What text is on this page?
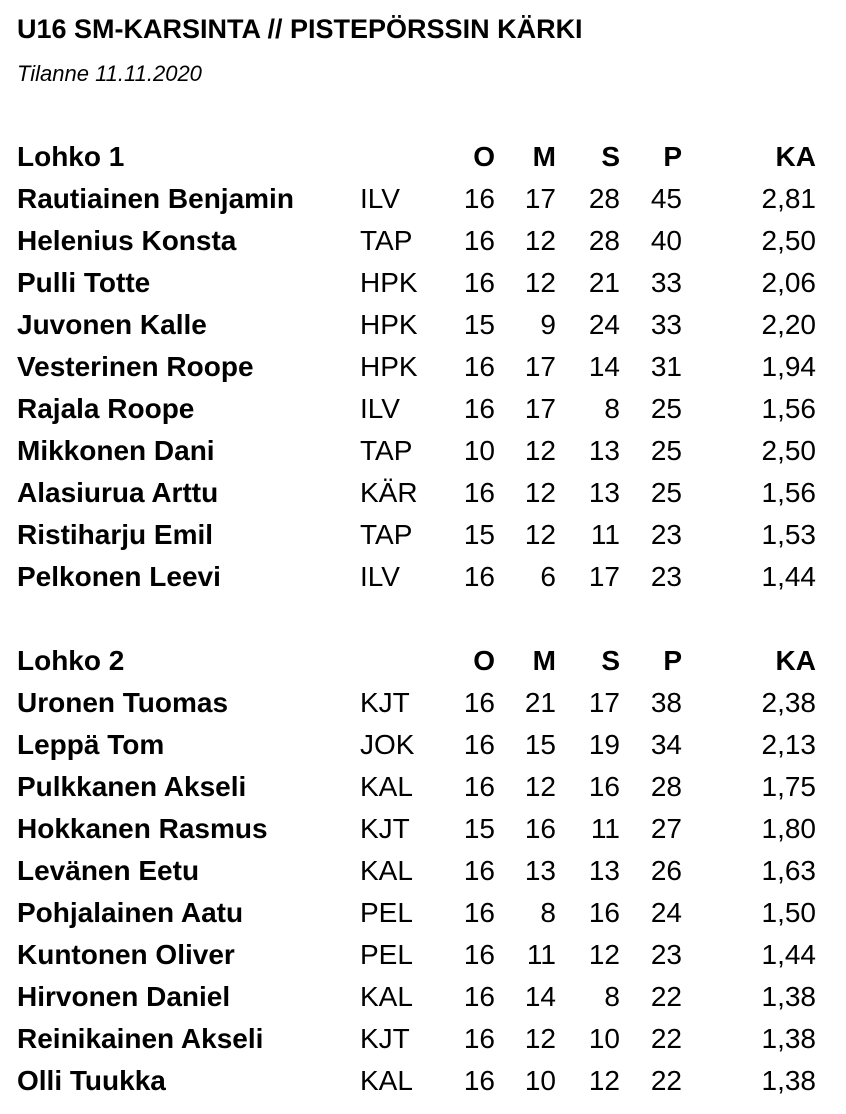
U16 SM-KARSINTA // PISTEPÖRSSIN KÄRKI
Tilanne 11.11.2020
Lohko 1	O M S P	KA
Rautiainen Benjamin ILV 16 17 28 45	2,81
Helenius Konsta	TAP 16 12 28 40	2,50
Pulli Totte	HPK 16 12 21 33	2,06
Juvonen Kalle	HPK 15 9 24 33	2,20
Vesterinen Roope	HPK 16 17 14 31	1,94
Rajala Roope	ILV 16 17 8 25	1,56
Mikkonen Dani	TAP 10 12 13 25	2,50
Alasiurua Arttu	KÄR 16 12 13 25	1,56
Ristiharju Emil	TAP 15 12 11 23	1,53
Pelkonen Leevi	ILV 16 6 17 23	1,44
Lohko 2	O M S P	KA
Uronen Tuomas	KJT 16 21 17 38	2,38
Leppä Tom	JOK 16 15 19 34	2,13
Pulkkanen Akseli	KAL 16 12 16 28	1,75
Hokkanen Rasmus	KJT 15 16 11 27	1,80
Levänen Eetu	KAL 16 13 13 26	1,63
Pohjalainen Aatu	PEL 16 8 16 24	1,50
Kuntonen Oliver	PEL 16 11 12 23	1,44
Hirvonen Daniel	KAL 16 14 8 22	1,38
Reinikainen Akseli	KJT 16 12 10 22	1,38
Olli Tuukka	KAL 16 10 12 22	1,38
